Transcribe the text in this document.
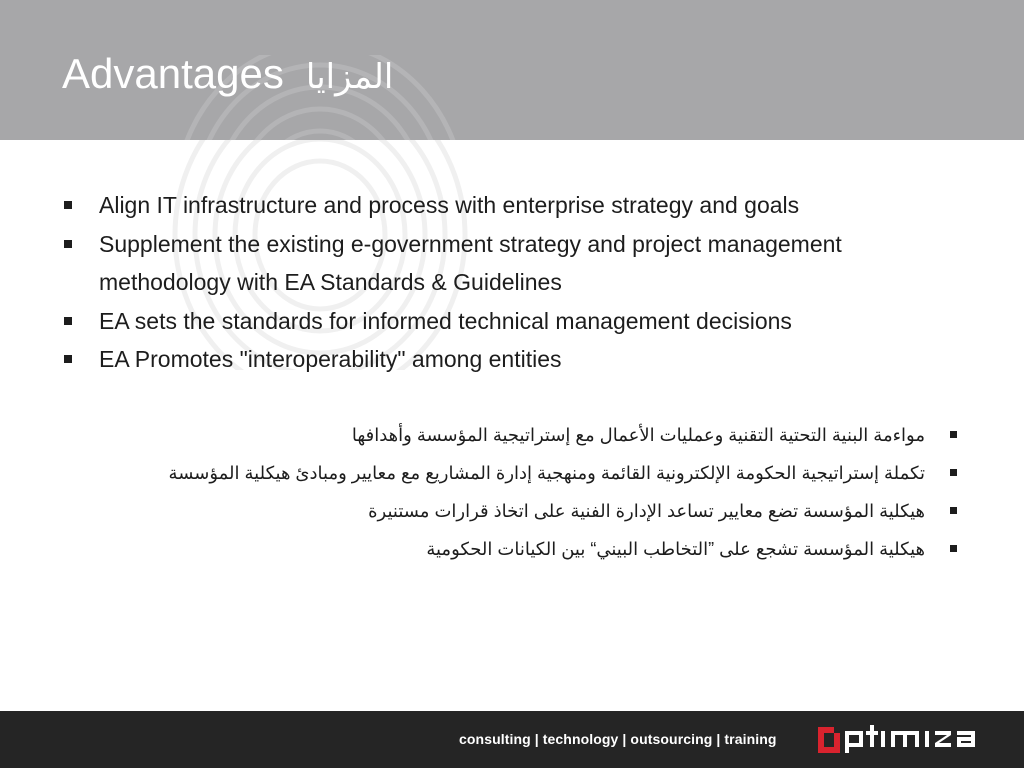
Advantages المزايا
Align IT infrastructure and process with enterprise strategy and goals
Supplement the existing e-government strategy and project management methodology with EA Standards & Guidelines
EA sets the standards for informed technical management decisions
EA Promotes "interoperability" among entities
مواءمة البنية التحتية التقنية وعمليات الأعمال مع إستراتيجية المؤسسة وأهدافها
تكملة إستراتيجية الحكومة الإلكترونية القائمة ومنهجية إدارة المشاريع مع معايير ومبادئ هيكلية المؤسسة
هيكلية المؤسسة تضع معايير تساعد الإدارة الفنية على اتخاذ قرارات مستنيرة
هيكلية المؤسسة تشجع على ”التخاطب البيني“ بين الكيانات الحكومية
consulting | technology | outsourcing | training
